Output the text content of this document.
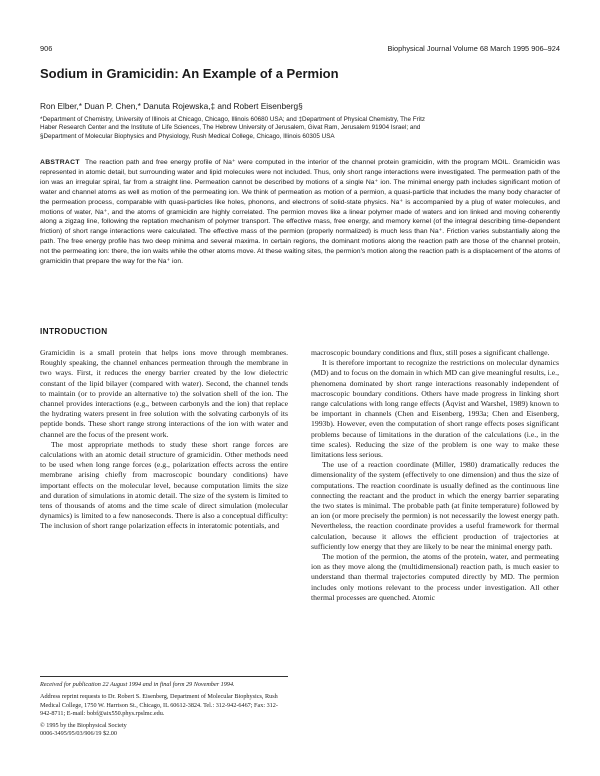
906	Biophysical Journal Volume 68 March 1995 906–924
Sodium in Gramicidin: An Example of a Permion
Ron Elber,* Duan P. Chen,* Danuta Rojewska,‡ and Robert Eisenberg§
*Department of Chemistry, University of Illinois at Chicago, Chicago, Illinois 60680 USA; and ‡Department of Physical Chemistry, The Fritz
Haber Research Center and the Institute of Life Sciences, The Hebrew University of Jerusalem, Givat Ram, Jerusalem 91904 Israel; and
§Department of Molecular Biophysics and Physiology, Rush Medical College, Chicago, Illinois 60305 USA
ABSTRACT The reaction path and free energy profile of Na⁺ were computed in the interior of the channel protein gramicidin, with the program MOIL. Gramicidin was represented in atomic detail, but surrounding water and lipid molecules were not included. Thus, only short range interactions were investigated. The permeation path of the ion was an irregular spiral, far from a straight line. Permeation cannot be described by motions of a single Na⁺ ion. The minimal energy path includes significant motion of water and channel atoms as well as motion of the permeating ion. We think of permeation as motion of a permion, a quasi-particle that includes the many body character of the permeation process, comparable with quasi-particles like holes, phonons, and electrons of solid-state physics. Na⁺ is accompanied by a plug of water molecules, and motions of water, Na⁺, and the atoms of gramicidin are highly correlated. The permion moves like a linear polymer made of waters and ion linked and moving coherently along a zigzag line, following the reptation mechanism of polymer transport. The effective mass, free energy, and memory kernel (of the integral describing time-dependent friction) of short range interactions were calculated. The effective mass of the permion (properly normalized) is much less than Na⁺. Friction varies substantially along the path. The free energy profile has two deep minima and several maxima. In certain regions, the dominant motions along the reaction path are those of the channel protein, not the permeating ion: there, the ion waits while the other atoms move. At these waiting sites, the permion's motion along the reaction path is a displacement of the atoms of gramicidin that prepare the way for the Na⁺ ion.
INTRODUCTION

Gramicidin is a small protein that helps ions move through membranes. Roughly speaking, the channel enhances permeation through the membrane in two ways. First, it reduces the energy barrier created by the low dielectric constant of the lipid bilayer (compared with water). Second, the channel tends to maintain (or to provide an alternative to) the solvation shell of the ion. The channel provides interactions (e.g., between carbonyls and the ion) that replace the hydrating waters present in free solution with the solvating carbonyls of its peptide bonds. These short range strong interactions of the ion with water and channel are the focus of the present work.

The most appropriate methods to study these short range forces are calculations with an atomic detail structure of gramicidin. Other methods need to be used when long range forces (e.g., polarization effects across the entire membrane arising chiefly from macroscopic boundary conditions) have important effects on the molecular level, because computation limits the size and duration of simulations in atomic detail. The size of the system is limited to tens of thousands of atoms and the time scale of direct simulation (molecular dynamics) is limited to a few nanoseconds. There is also a conceptual difficulty: The inclusion of short range polarization effects in interatomic potentials, and

Received for publication 22 August 1994 and in final form 29 November 1994.

Address reprint requests to Dr. Robert S. Eisenberg, Department of Molecular Biophysics, Rush Medical College, 1750 W. Harrison St., Chicago, IL 60612-3824. Tel.: 312-942-6467; Fax: 312-942-8711; E-mail: bobf@aix550.phys.rpslmc.edu.

© 1995 by the Biophysical Society

0006-3495/95/03/906/19 $2.00

macroscopic boundary conditions and flux, still poses a significant challenge.

It is therefore important to recognize the restrictions on molecular dynamics (MD) and to focus on the domain in which MD can give meaningful results, i.e., phenomena dominated by short range interactions reasonably independent of macroscopic boundary conditions. Others have made progress in linking short range calculations with long range effects (Åqvist and Warshel, 1989) known to be important in channels (Chen and Eisenberg, 1993a; Chen and Eisenberg, 1993b). However, even the computation of short range effects poses significant problems because of limitations in the duration of the calculations (i.e., in the time scales). Reducing the size of the problem is one way to make these limitations less serious.

The use of a reaction coordinate (Miller, 1980) dramatically reduces the dimensionality of the system (effectively to one dimension) and thus the size of computations. The reaction coordinate is usually defined as the continuous line connecting the reactant and the product in which the energy barrier separating the two states is minimal. The probable path (at finite temperature) followed by an ion (or more precisely the permion) is not necessarily the lowest energy path. Nevertheless, the reaction coordinate provides a useful framework for thermal calculation, because it allows the efficient production of trajectories at sufficiently low energy that they are likely to be near the minimal energy path.

The motion of the permion, the atoms of the protein, water, and permeating ion as they move along the (multidimensional) reaction path, is much easier to understand than thermal trajectories computed directly by MD. The permion includes only motions relevant to the process under investigation. All other thermal processes are quenched. Atomic
